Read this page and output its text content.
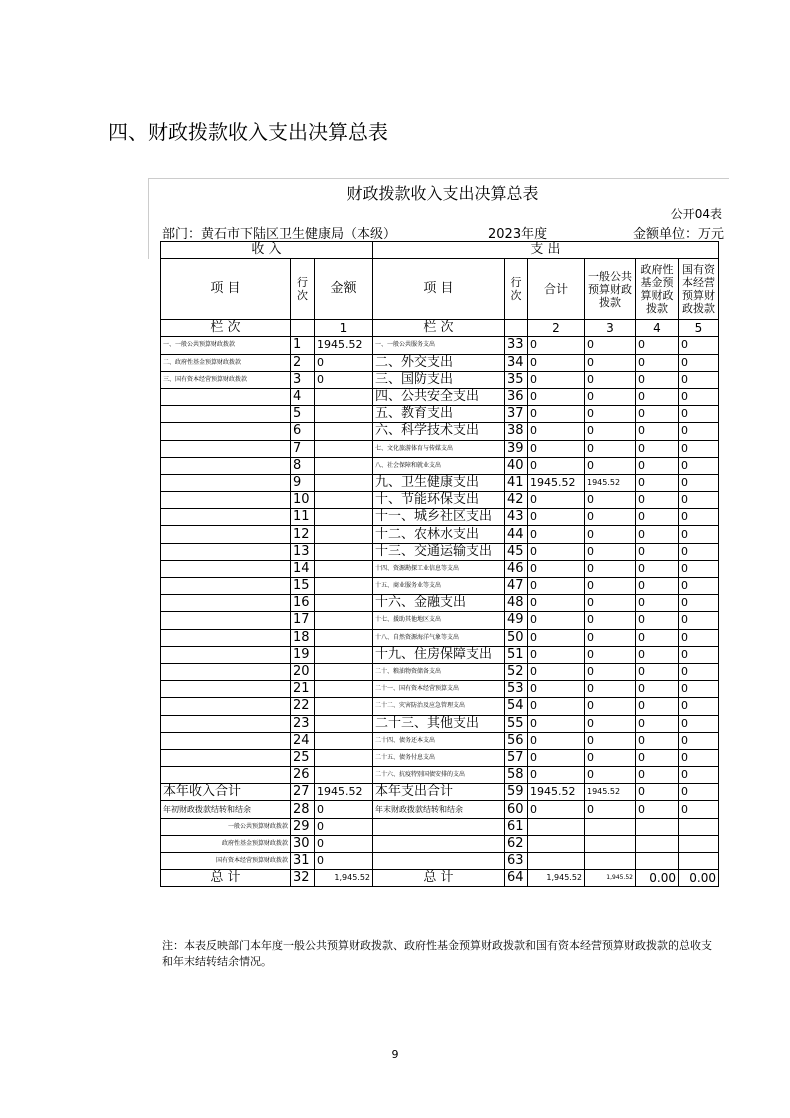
四、财政拨款收入支出决算总表
财政拨款收入支出决算总表
公开04表
部门：黄石市下陆区卫生健康局（本级）	2023年度	金额单位：万元
收 入			支 出					
项 目	行次	金额	项 目	行次	合计	一般公共预算财政拨款	政府性基金预算财政拨款	国有资本经营预算财政拨款
栏 次		1	栏 次		2	3	4	5
一、一般公共预算财政拨款	1	1945.52	一、一般公共服务支出	33	0	0	0	0
二、政府性基金预算财政拨款	2	0	二、外交支出	34	0	0	0	0
三、国有资本经营预算财政拨款	3	0	三、国防支出	35	0	0	0	0
	4		四、公共安全支出	36	0	0	0	0
	5		五、教育支出	37	0	0	0	0
	6		六、科学技术支出	38	0	0	0	0
	7		七、文化旅游体育与传媒支出	39	0	0	0	0
	8		八、社会保障和就业支出	40	0	0	0	0
	9		九、卫生健康支出	41	1945.52	1945.52	0	0
	10		十、节能环保支出	42	0	0	0	0
	11		十一、城乡社区支出	43	0	0	0	0
	12		十二、农林水支出	44	0	0	0	0
	13		十三、交通运输支出	45	0	0	0	0
	14		十四、资源勘探工业信息等支出	46	0	0	0	0
	15		十五、商业服务业等支出	47	0	0	0	0
	16		十六、金融支出	48	0	0	0	0
	17		十七、援助其他地区支出	49	0	0	0	0
	18		十八、自然资源海洋气象等支出	50	0	0	0	0
	19		十九、住房保障支出	51	0	0	0	0
	20		二十、粮油物资储备支出	52	0	0	0	0
	21		二十一、国有资本经营预算支出	53	0	0	0	0
	22		二十二、灾害防治及应急管理支出	54	0	0	0	0
	23		二十三、其他支出	55	0	0	0	0
	24		二十四、债务还本支出	56	0	0	0	0
	25		二十五、债务付息支出	57	0	0	0	0
	26		二十六、抗疫特别国债安排的支出	58	0	0	0	0
本年收入合计	27	1945.52	本年支出合计	59	1945.52	1945.52	0	0
年初财政拨款结转和结余	28	0	年末财政拨款结转和结余	60	0	0	0	0
一般公共预算财政拨款	29	0		61				
政府性基金预算财政拨款	30	0		62				
国有资本经营预算财政拨款	31	0		63				
总 计	32	1,945.52	总 计	64	1,945.52	1,945.52	0.00	0.00
注：本表反映部门本年度一般公共预算财政拨款、政府性基金预算财政拨款和国有资本经营预算财政拨款的总收支和年末结转结余情况。
9
